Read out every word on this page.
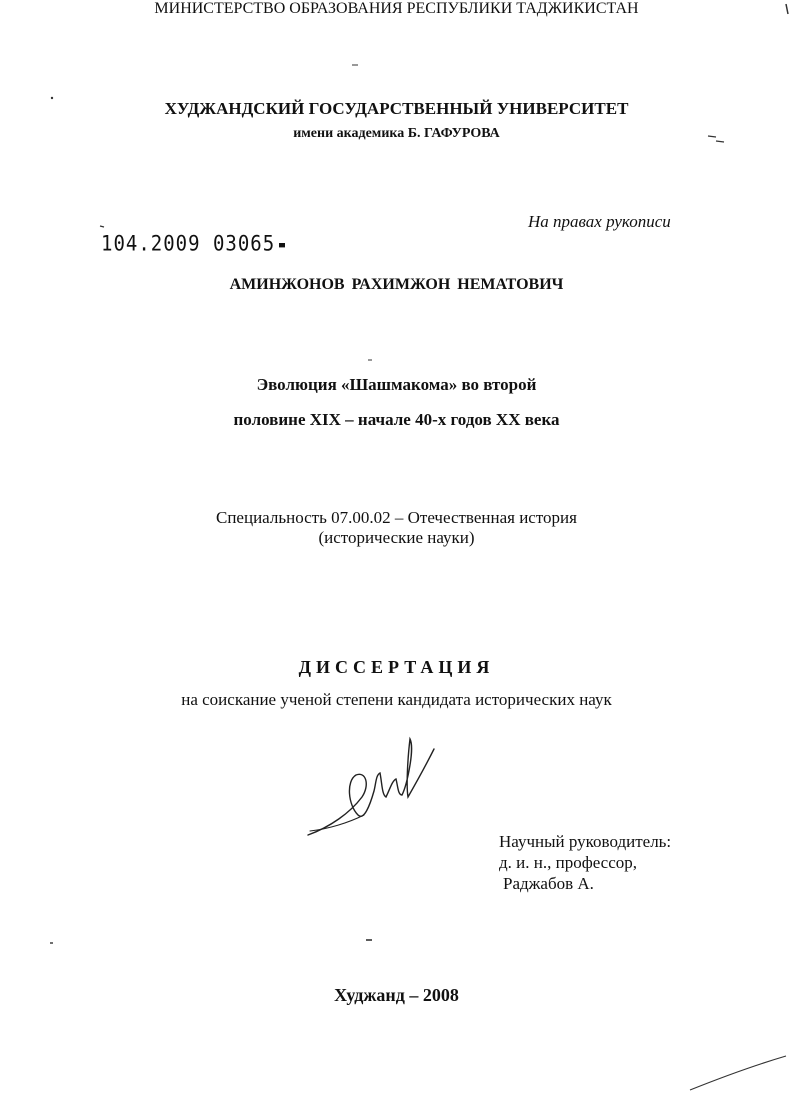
МИНИСТЕРСТВО ОБРАЗОВАНИЯ РЕСПУБЛИКИ ТАДЖИКИСТАН
ХУДЖАНДСКИЙ ГОСУДАРСТВЕННЫЙ УНИВЕРСИТЕТ
имени академика Б. ГАФУРОВА
На правах рукописи
104.2009 03065
АМИНЖОНОВ РАХИМЖОН НЕМАТОВИЧ
Эволюция «Шашмакома» во второй
половине XIX – начале 40-х годов XX века
Специальность 07.00.02 – Отечественная история
(исторические науки)
ДИССЕРТАЦИЯ
на соискание ученой степени кандидата исторических наук
Научный руководитель:
д. и. н., профессор,
Раджабов А.
Худжанд – 2008
